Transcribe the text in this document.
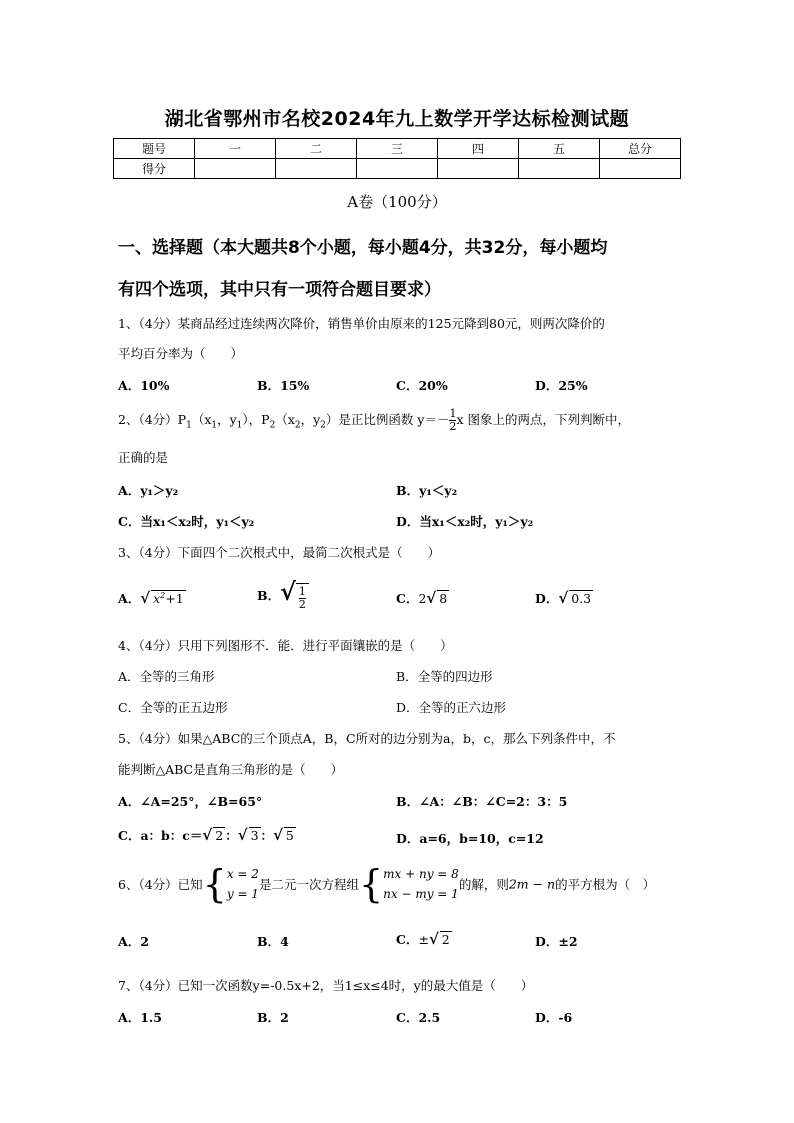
湖北省鄂州市名校2024年九上数学开学达标检测试题
题号	一	二	三	四	五	总分
得分						
A卷（100分）
一、选择题（本大题共8个小题，每小题4分，共32分，每小题均
有四个选项，其中只有一项符合题目要求）
1、（4分）某商品经过连续两次降价，销售单价由原来的125元降到80元，则两次降价的
平均百分率为（　　）
A．10%	B．15%	C．20%	D．25%
2、（4分）$P_1(x_1$，$y_1$），$P_2(x_2$，$y_2$）是正比例函数 $y=- \frac{1}{2}$ x 图象上的两点，下列判断中，
正确的是
A．y₁＞y₂	B．y₁＜y₂
C．当x₁＜x₂时，y₁＜y₂	D．当x₁＜x₂时，y₁＞y₂
3、（4分）下面四个二次根式中，最简二次根式是（　　）
A．√ $x^2+1$	B．√ $\frac{1}{2}$	C．2√ 8	D．√ 0.3
4、（4分）只用下列图形不．能．进行平面镶嵌的是（　　）
A．全等的三角形	B．全等的四边形
C．全等的正五边形	D．全等的正六边形
5、（4分）如果△ABC的三个顶点A，B，C所对的边分别为a，b，c，那么下列条件中，不
能判断△ABC是直角三角形的是（　　）
A．∠A=25°，∠B=65°	B．∠A：∠B：∠C=2：3：5
C．a：b：c＝√ 2 ：√ 3 ：√ 5	D．a=6，b=10，c=12
6、（4分）已知{ x = 2
y = 1
是二元一次方程组{ mx + ny = 8
nx − my = 1
的解，则2m − n的平方根为（　）
A．2	B．4	C．±√ 2	D．±2
7、（4分）已知一次函数y=-0.5x+2，当1≤x≤4时，y的最大值是（　　）
A．1.5	B．2	C．2.5	D．-6
